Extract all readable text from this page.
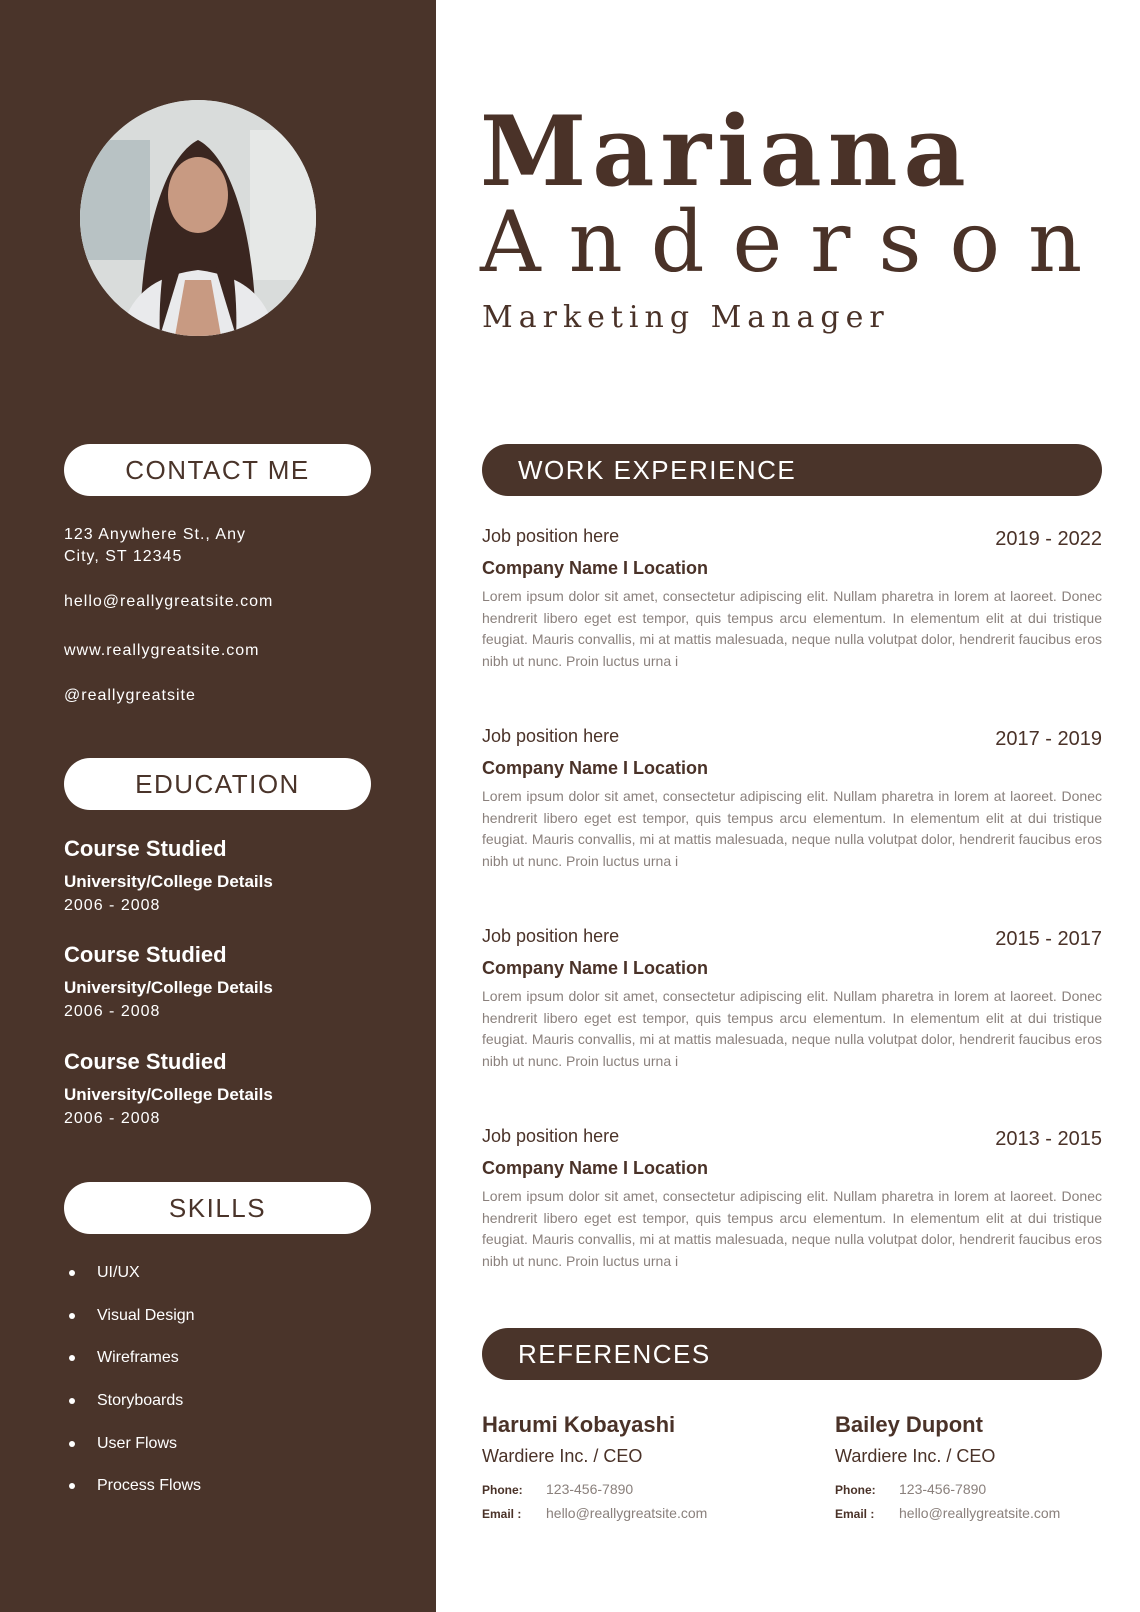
Mariana
Anderson
Marketing Manager
CONTACT ME
123 Anywhere St., Any
City, ST 12345
hello@reallygreatsite.com
www.reallygreatsite.com
@reallygreatsite
EDUCATION
Course Studied
University/College Details
2006 - 2008
Course Studied
University/College Details
2006 - 2008
Course Studied
University/College Details
2006 - 2008
SKILLS
UI/UX
Visual Design
Wireframes
Storyboards
User Flows
Process Flows
WORK EXPERIENCE
Job position here	2019 - 2022
Company Name I Location

Lorem ipsum dolor sit amet, consectetur adipiscing elit. Nullam pharetra in lorem at laoreet. Donec hendrerit libero eget est tempor, quis tempus arcu elementum. In elementum elit at dui tristique feugiat. Mauris convallis, mi at mattis malesuada, neque nulla volutpat dolor, hendrerit faucibus eros nibh ut nunc. Proin luctus urna i

Job position here	2017 - 2019
Company Name I Location

Lorem ipsum dolor sit amet, consectetur adipiscing elit. Nullam pharetra in lorem at laoreet. Donec hendrerit libero eget est tempor, quis tempus arcu elementum. In elementum elit at dui tristique feugiat. Mauris convallis, mi at mattis malesuada, neque nulla volutpat dolor, hendrerit faucibus eros nibh ut nunc. Proin luctus urna i

Job position here	2015 - 2017
Company Name I Location

Lorem ipsum dolor sit amet, consectetur adipiscing elit. Nullam pharetra in lorem at laoreet. Donec hendrerit libero eget est tempor, quis tempus arcu elementum. In elementum elit at dui tristique feugiat. Mauris convallis, mi at mattis malesuada, neque nulla volutpat dolor, hendrerit faucibus eros nibh ut nunc. Proin luctus urna i

Job position here	2013 - 2015
Company Name I Location

Lorem ipsum dolor sit amet, consectetur adipiscing elit. Nullam pharetra in lorem at laoreet. Donec hendrerit libero eget est tempor, quis tempus arcu elementum. In elementum elit at dui tristique feugiat. Mauris convallis, mi at mattis malesuada, neque nulla volutpat dolor, hendrerit faucibus eros nibh ut nunc. Proin luctus urna i

REFERENCES
Harumi Kobayashi
Wardiere Inc. / CEO
Phone:	123-456-7890
Email :	hello@reallygreatsite.com
Bailey Dupont
Wardiere Inc. / CEO
Phone:	123-456-7890
Email :	hello@reallygreatsite.com
